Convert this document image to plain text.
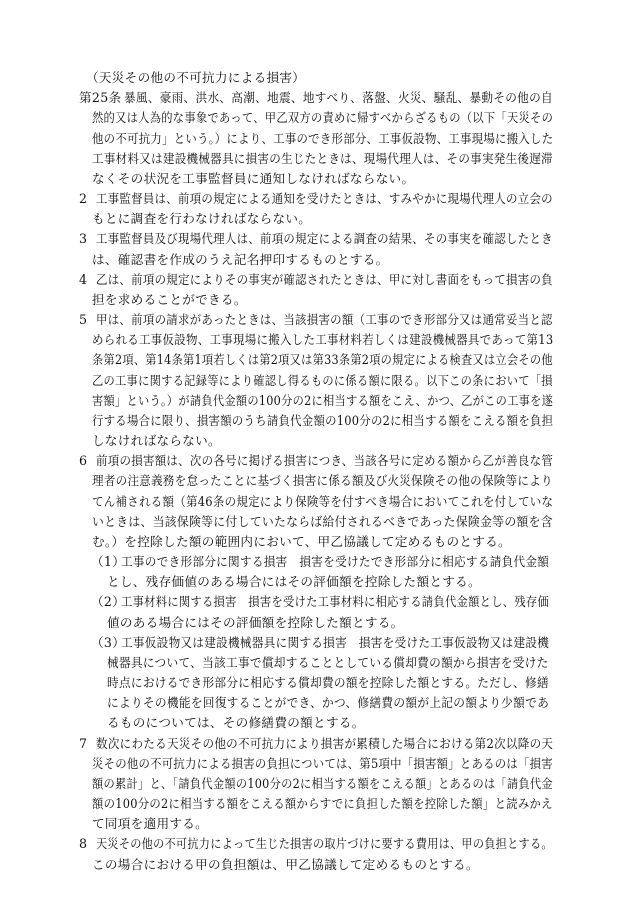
（天災その他の不可抗力による損害）
第25条 暴風、豪雨、洪水、高潮、地震、地すべり、落盤、火災、騒乱、暴動その他の自
然的又は人為的な事象であって、甲乙双方の責めに帰すべからざるもの（以下「天災その
他の不可抗力」という。）により、工事のでき形部分、工事仮設物、工事現場に搬入した
工事材料又は建設機械器具に損害の生じたときは、現場代理人は、その事実発生後遅滞
なくその状況を工事監督員に通知しなければならない。
2 工事監督員は、前項の規定による通知を受けたときは、すみやかに現場代理人の立会の
もとに調査を行わなければならない。
3 工事監督員及び現場代理人は、前項の規定による調査の結果、その事実を確認したとき
は、確認書を作成のうえ記名押印するものとする。
4 乙は、前項の規定によりその事実が確認されたときは、甲に対し書面をもって損害の負
担を求めることができる。
5 甲は、前項の請求があったときは、当該損害の額（工事のでき形部分又は通常妥当と認
められる工事仮設物、工事現場に搬入した工事材料若しくは建設機械器具であって第13
条第2項、第14条第1項若しくは第2項又は第33条第2項の規定による検査又は立会その他
乙の工事に関する記録等により確認し得るものに係る額に限る。以下この条において「損
害額」という。）が請負代金額の100分の2に相当する額をこえ、かつ、乙がこの工事を遂
行する場合に限り、損害額のうち請負代金額の100分の2に相当する額をこえる額を負担
しなければならない。
6 前項の損害額は、次の各号に掲げる損害につき、当該各号に定める額から乙が善良な管
理者の注意義務を怠ったことに基づく損害に係る額及び火災保険その他の保険等により
てん補される額（第46条の規定により保険等を付すべき場合においてこれを付していな
いときは、当該保険等に付していたならば給付されるべきであった保険金等の額を含
む。）を控除した額の範囲内において、甲乙協議して定めるものとする。
（1）
工事のでき形部分に関する損害　損害を受けたでき形部分に相応する請負代金額
とし、残存価値のある場合にはその評価額を控除した額とする。
（2）
工事材料に関する損害　損害を受けた工事材料に相応する請負代金額とし、残存価
値のある場合にはその評価額を控除した額とする。
（3）
工事仮設物又は建設機械器具に関する損害　損害を受けた工事仮設物又は建設機
械器具について、当該工事で償却することとしている償却費の額から損害を受けた
時点におけるでき形部分に相応する償却費の額を控除した額とする。ただし、修繕
によりその機能を回復することができ、かつ、修繕費の額が上記の額より少額であ
るものについては、その修繕費の額とする。
7 数次にわたる天災その他の不可抗力により損害が累積した場合における第2次以降の天
災その他の不可抗力による損害の負担については、第5項中「損害額」とあるのは「損害
額の累計」と、「請負代金額の100分の2に相当する額をこえる額」とあるのは「請負代金
額の100分の2に相当する額をこえる額からすでに負担した額を控除した額」と読みかえ
て同項を適用する。
8 天災その他の不可抗力によって生じた損害の取片づけに要する費用は、甲の負担とする。
この場合における甲の負担額は、甲乙協議して定めるものとする。
